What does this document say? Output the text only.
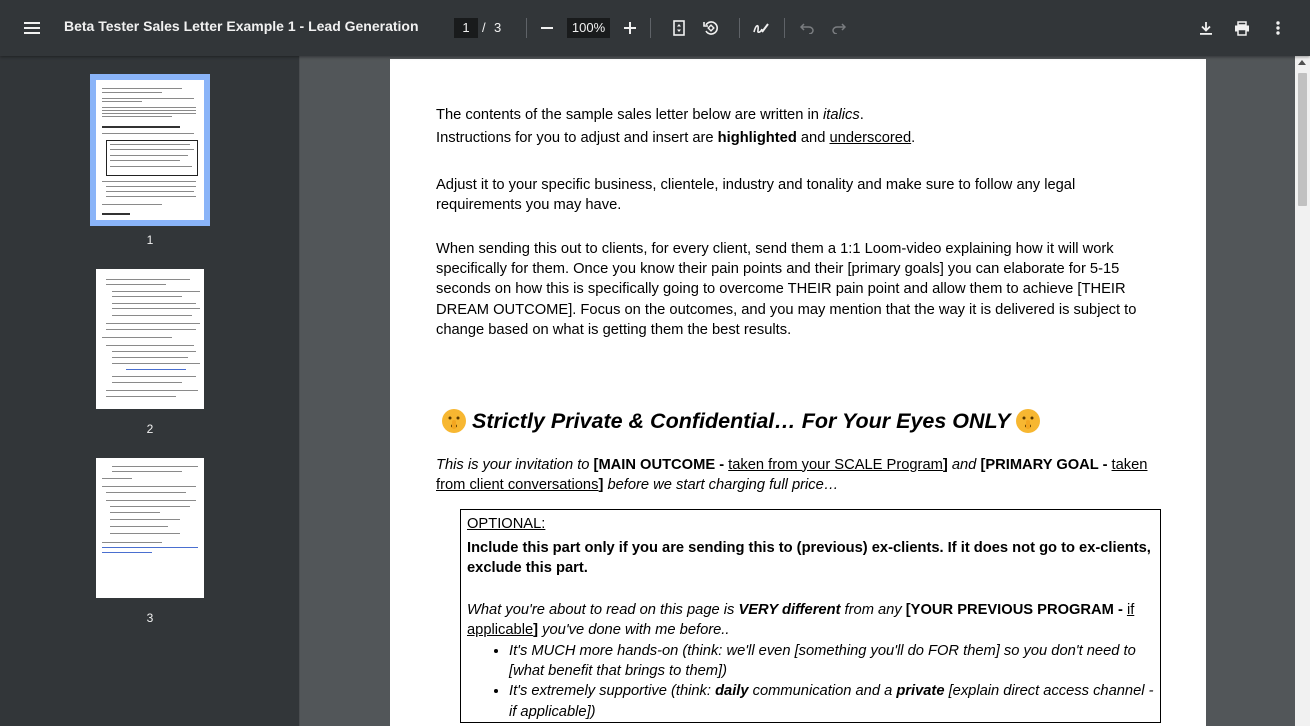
Beta Tester Sales Letter Example 1 - Lead Generation	1 / 3	100%
1
2
3

The contents of the sample sales letter below are written in italics.

Instructions for you to adjust and insert are highlighted and underscored.

Adjust it to your specific business, clientele, industry and tonality and make sure to follow any legal requirements you may have.

When sending this out to clients, for every client, send them a 1:1 Loom-video explaining how it will work specifically for them. Once you know their pain points and their [primary goals] you can elaborate for 5-15 seconds on how this is specifically going to overcome THEIR pain point and allow them to achieve [THEIR DREAM OUTCOME]. Focus on the outcomes, and you may mention that the way it is delivered is subject to change based on what is getting them the best results.

Strictly Private & Confidential… For Your Eyes ONLY

This is your invitation to [MAIN OUTCOME - taken from your SCALE Program] and [PRIMARY GOAL - taken from client conversations] before we start charging full price…

OPTIONAL:

Include this part only if you are sending this to (previous) ex-clients. If it does not go to ex-clients, exclude this part.

What you're about to read on this page is VERY different from any [YOUR PREVIOUS PROGRAM - if applicable] you've done with me before..

• It's MUCH more hands-on (think: we'll even [something you'll do FOR them] so you don't need to [what benefit that brings to them])
• It's extremely supportive (think: daily communication and a private [explain direct access channel - if applicable])
